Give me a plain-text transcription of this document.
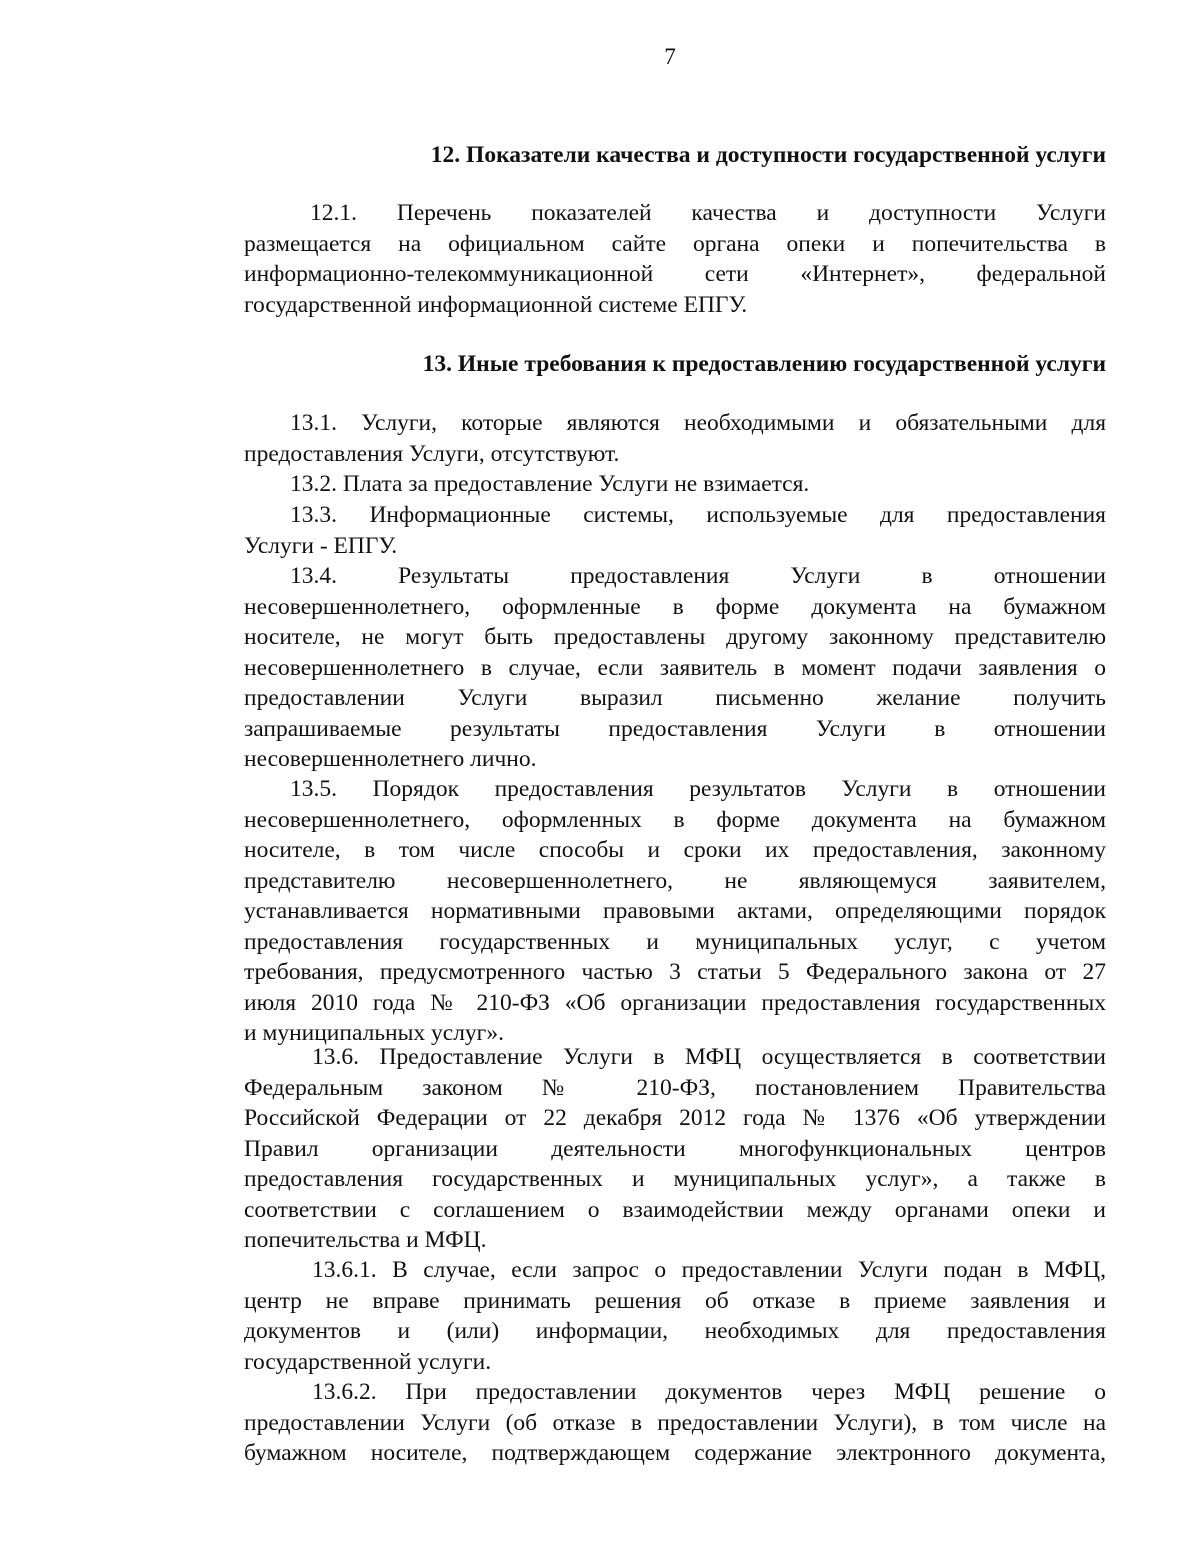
7
12. Показатели качества и доступности государственной услуги
12.1. Перечень показателей качества и доступности Услуги
размещается на официальном сайте органа опеки и попечительства в
информационно-телекоммуникационной сети «Интернет», федеральной
государственной информационной системе ЕПГУ.
13. Иные требования к предоставлению государственной услуги
13.1. Услуги, которые являются необходимыми и обязательными для
предоставления Услуги, отсутствуют.
13.2. Плата за предоставление Услуги не взимается.
13.3. Информационные системы, используемые для предоставления
Услуги - ЕПГУ.
13.4. Результаты предоставления Услуги в отношении
несовершеннолетнего, оформленные в форме документа на бумажном
носителе, не могут быть предоставлены другому законному представителю
несовершеннолетнего в случае, если заявитель в момент подачи заявления о
предоставлении Услуги выразил письменно желание получить
запрашиваемые результаты предоставления Услуги в отношении
несовершеннолетнего лично.
13.5. Порядок предоставления результатов Услуги в отношении
несовершеннолетнего, оформленных в форме документа на бумажном
носителе, в том числе способы и сроки их предоставления, законному
представителю несовершеннолетнего, не являющемуся заявителем,
устанавливается нормативными правовыми актами, определяющими порядок
предоставления государственных и муниципальных услуг, с учетом
требования, предусмотренного частью 3 статьи 5 Федерального закона от 27
июля 2010 года № 210-ФЗ «Об организации предоставления государственных
и муниципальных услуг».
13.6. Предоставление Услуги в МФЦ осуществляется в соответствии
Федеральным законом № 210-ФЗ, постановлением Правительства
Российской Федерации от 22 декабря 2012 года № 1376 «Об утверждении
Правил организации деятельности многофункциональных центров
предоставления государственных и муниципальных услуг», а также в
соответствии с соглашением о взаимодействии между органами опеки и
попечительства и МФЦ.
13.6.1. В случае, если запрос о предоставлении Услуги подан в МФЦ,
центр не вправе принимать решения об отказе в приеме заявления и
документов и (или) информации, необходимых для предоставления
государственной услуги.
13.6.2. При предоставлении документов через МФЦ решение о
предоставлении Услуги (об отказе в предоставлении Услуги), в том числе на
бумажном носителе, подтверждающем содержание электронного документа,
